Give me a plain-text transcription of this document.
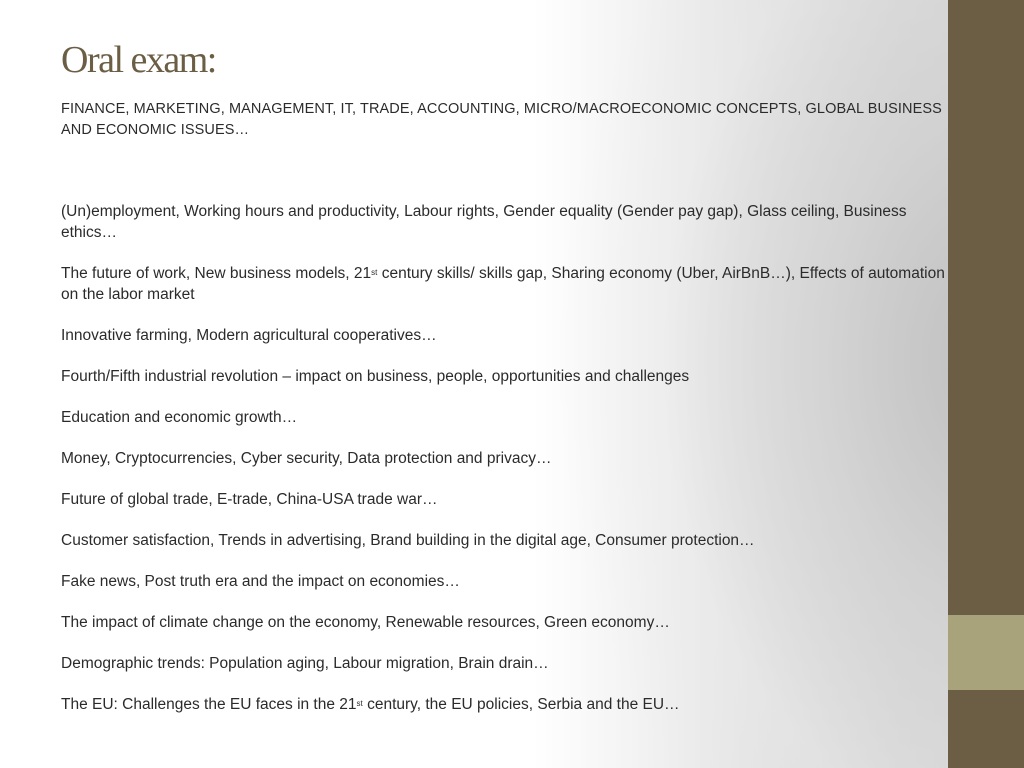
Oral exam:
FINANCE, MARKETING, MANAGEMENT, IT, TRADE, ACCOUNTING, MICRO/MACROECONOMIC CONCEPTS, GLOBAL BUSINESS AND ECONOMIC ISSUES…
(Un)employment, Working hours and productivity, Labour rights, Gender equality (Gender pay gap), Glass ceiling, Business ethics…
The future of work, New business models, 21st century skills/ skills gap, Sharing economy (Uber, AirBnB…), Effects of automation on the labor market
Innovative farming, Modern agricultural cooperatives…
Fourth/Fifth industrial revolution – impact on business, people, opportunities and challenges
Education and economic growth…
Money, Cryptocurrencies, Cyber security, Data protection and privacy…
Future of global trade, E-trade, China-USA trade war…
Customer satisfaction, Trends in advertising, Brand building in the digital age, Consumer protection…
Fake news, Post truth era and the impact on economies…
The impact of climate change on the economy, Renewable resources, Green economy…
Demographic trends: Population aging, Labour migration, Brain drain…
The EU: Challenges the EU faces in the 21st century, the EU policies, Serbia and the EU…
